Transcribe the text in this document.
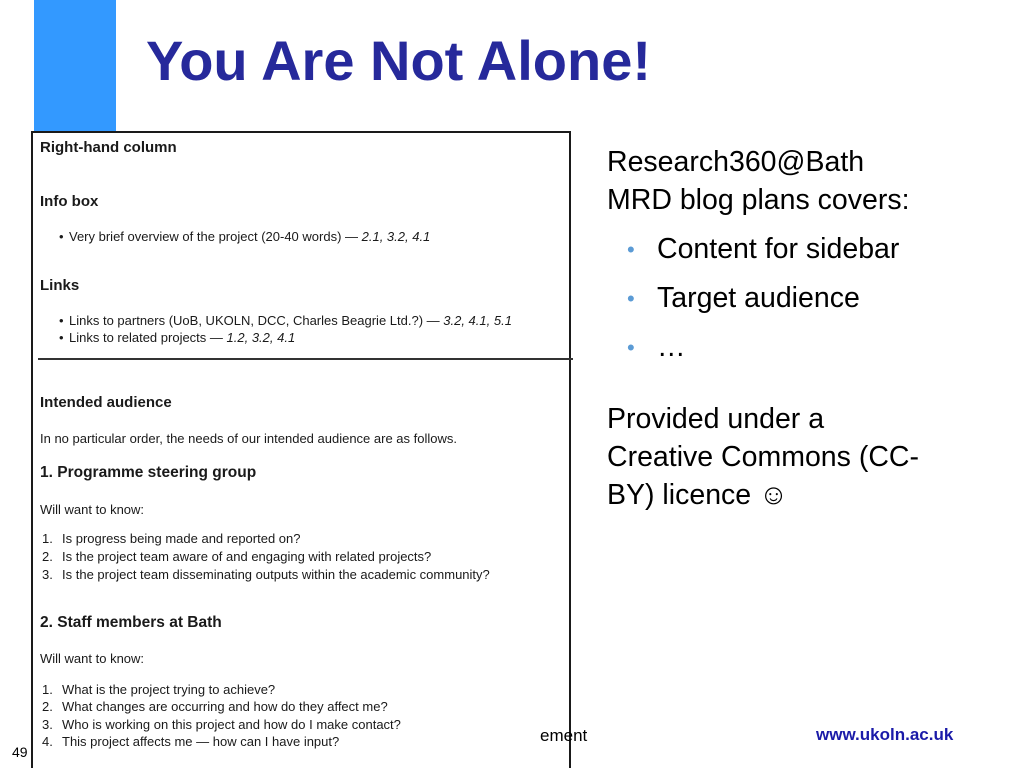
You Are Not Alone!
Right-hand column
Info box
• Very brief overview of the project (20-40 words) — 2.1, 3.2, 4.1
Links
• Links to partners (UoB, UKOLN, DCC, Charles Beagrie Ltd.?) — 3.2, 4.1, 5.1
• Links to related projects — 1.2, 3.2, 4.1
Intended audience
In no particular order, the needs of our intended audience are as follows.
1. Programme steering group
Will want to know:
1. Is progress being made and reported on?
2. Is the project team aware of and engaging with related projects?
3. Is the project team disseminating outputs within the academic community?
2. Staff members at Bath
Will want to know:
1. What is the project trying to achieve?
2. What changes are occurring and how do they affect me?
3. Who is working on this project and how do I make contact?
4. This project affects me — how can I have input?
Research360@Bath
MRD blog plans covers:
• Content for sidebar
• Target audience
• …
Provided under a
Creative Commons (CC-
BY) licence ☺
ement	www.ukoln.ac.uk
49
